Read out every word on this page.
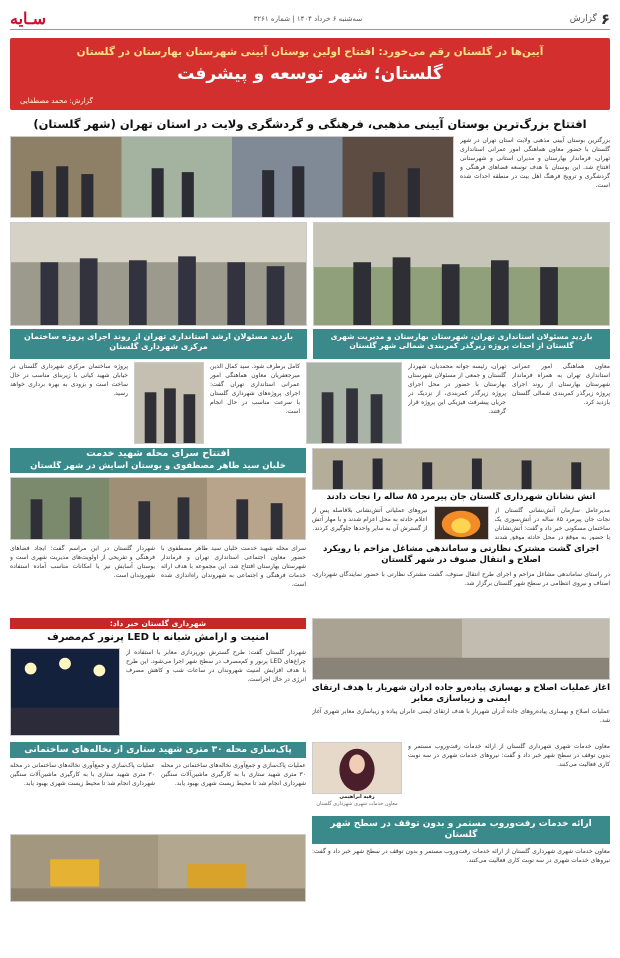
۶
گزارش
سه‌شنبه ۶ خرداد ۱۴۰۴ | شماره ۳۲۶۱
سـایه
آیین‌ها در گلستان رقم می‌خورد: افتتاح اولین بوستان آیینی شهرستان بهارستان در گلستان
گلستان؛ شهر توسعه و پیشرفت
گزارش: محمد مصطفایی
افتتاح بزرگ‌ترین بوستان آیینی مذهبی، فرهنگی و گردشگری ولایت در استان تهران (شهر گلستان)
بزرگترین بوستان آیینی مذهبی ولایت استان تهران در شهر گلستان با حضور معاون هماهنگی امور عمرانی استانداری تهران، فرماندار بهارستان و مدیران استانی و شهرستانی افتتاح شد. این بوستان با هدف توسعه فضاهای فرهنگی و گردشگری و ترویج فرهنگ اهل بیت در منطقه احداث شده است.
بازدید مسئولان استانداری تهران، شهرستان بهارستان و مدیریت شهری گلستان از احداث پروژه زیرگذر کمربندی شمالی شهر گلستان
بازدید مسئولان ارشد استانداری تهران از روند اجرای پروژه ساختمان مرکزی شهرداری گلستان
معاون هماهنگی امور عمرانی استانداری تهران به همراه فرماندار شهرستان بهارستان از روند اجرای پروژه زیرگذر کمربندی شمالی گلستان بازدید کرد.
تهران، رئیسه جوانه محمدیان، شهردار گلستان و جمعی از مسئولان شهرستان بهارستان با حضور در محل اجرای پروژه زیرگذر کمربندی، از نزدیک در جریان پیشرفت فیزیکی این پروژه قرار گرفتند.
کامل برطرف شود. سید کمال الدین میرجعفریان معاون هماهنگی امور عمرانی استانداری تهران گفت: اجرای پروژه‌های شهرداری گلستان با سرعت مناسب در حال انجام است.
پروژه ساختمان مرکزی شهرداری گلستان در خیابان شهید کیانی با زیربنای مناسب در حال ساخت است و بزودی به بهره برداری خواهد رسید.
آتش نشانان شهرداری گلستان جان پیرمرد ۸۵ ساله را نجات دادند
مدیرعامل سازمان آتش‌نشانی گلستان از نجات جان پیرمرد ۸۵ ساله در آتش‌سوزی یک ساختمان مسکونی خبر داد و گفت: آتش‌نشانان با حضور به موقع در محل حادثه موفق شدند
نیروهای عملیاتی آتش‌نشانی بلافاصله پس از اعلام حادثه به محل اعزام شدند و با مهار آتش از گسترش آن به سایر واحدها جلوگیری کردند.
افتتاح سرای محله شهید خدمت
خلبان سید طاهر مصطفوی و بوستان آسایش در شهر گلستان
اجرای گشت مشترک نظارتی و ساماندهی مشاغل مزاحم با رویکرد اصلاح و انتقال صنوف در شهر گلستان
در راستای ساماندهی مشاغل مزاحم و اجرای طرح انتقال صنوف، گشت مشترک نظارتی با حضور نمایندگان شهرداری، اصناف و نیروی انتظامی در سطح شهر گلستان برگزار شد.
سرای محله شهید خدمت خلبان سید طاهر مصطفوی با حضور معاون اجتماعی استانداری تهران و فرماندار شهرستان بهارستان افتتاح شد. این مجموعه با هدف ارائه خدمات فرهنگی و اجتماعی به شهروندان راه‌اندازی شده است.
شهردار گلستان در این مراسم گفت: ایجاد فضاهای فرهنگی و تفریحی از اولویت‌های مدیریت شهری است و بوستان آسایش نیز با امکانات مناسب آماده استفاده شهروندان است.
آغاز عملیات اصلاح و بهسازی پیاده‌رو جاده آدران شهریار با هدف ارتقای ایمنی و زیباسازی معابر
عملیات اصلاح و بهسازی پیاده‌روهای جاده آدران شهریار با هدف ارتقای ایمنی عابران پیاده و زیباسازی معابر شهری آغاز شد.
شهرداری گلستان خبر داد:
امنیت و آرامش شبانه با LED پرنور کم‌مصرف
شهردار گلستان گفت: طرح گسترش نورپردازی معابر با استفاده از چراغ‌های LED پرنور و کم‌مصرف در سطح شهر اجرا می‌شود. این طرح با هدف افزایش امنیت شهروندان در ساعات شب و کاهش مصرف انرژی در حال اجراست.
معاون خدمات شهری شهرداری گلستان از ارائه خدمات رفت‌وروب مستمر و بدون توقف در سطح شهر خبر داد و گفت: نیروهای خدمات شهری در سه نوبت کاری فعالیت می‌کنند.
رقیه ابراهیمی
معاون خدمات شهری شهرداری گلستان
ارائه خدمات رفت‌وروب مستمر و بدون توقف در سطح شهر گلستان
معاون خدمات شهری شهرداری گلستان از ارائه خدمات رفت‌وروب مستمر و بدون توقف در سطح شهر خبر داد و گفت: نیروهای خدمات شهری در سه نوبت کاری فعالیت می‌کنند.
پاک‌سازی محله ۳۰ متری شهید ستاری از نخاله‌های ساختمانی
عملیات پاک‌سازی و جمع‌آوری نخاله‌های ساختمانی در محله ۳۰ متری شهید ستاری با به کارگیری ماشین‌آلات سنگین شهرداری انجام شد تا محیط زیست شهری بهبود یابد.
عملیات پاک‌سازی و جمع‌آوری نخاله‌های ساختمانی در محله ۳۰ متری شهید ستاری با به کارگیری ماشین‌آلات سنگین شهرداری انجام شد تا محیط زیست شهری بهبود یابد.
